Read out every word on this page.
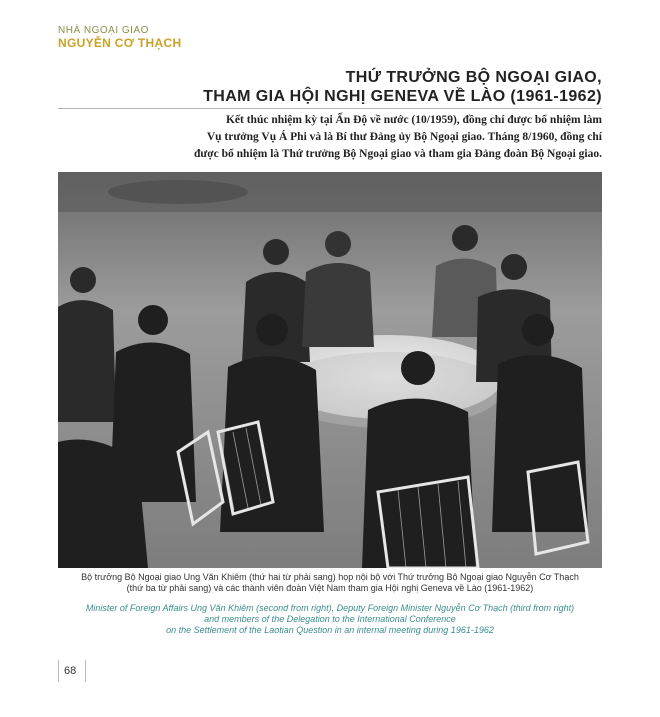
NHÀ NGOẠI GIAO
NGUYỄN CƠ THẠCH
THỨ TRƯỞNG BỘ NGOẠI GIAO,
THAM GIA HỘI NGHỊ GENEVA VỀ LÀO (1961-1962)
Kết thúc nhiệm kỳ tại Ấn Độ về nước (10/1959), đồng chí được bổ nhiệm làm
Vụ trưởng Vụ Á Phi và là Bí thư Đảng ủy Bộ Ngoại giao. Tháng 8/1960, đồng chí
được bổ nhiệm là Thứ trưởng Bộ Ngoại giao và tham gia Đảng đoàn Bộ Ngoại giao.
Bộ trưởng Bộ Ngoại giao Ung Văn Khiêm (thứ hai từ phải sang) họp nội bộ với Thứ trưởng Bộ Ngoại giao Nguyễn Cơ Thạch
(thứ ba từ phải sang) và các thành viên đoàn Việt Nam tham gia Hội nghị Geneva về Lào (1961-1962)
Minister of Foreign Affairs Ung Văn Khiêm (second from right), Deputy Foreign Minister Nguyễn Cơ Thạch (third from right)
and members of the Delegation to the International Conference
on the Settlement of the Laotian Question in an internal meeting during 1961-1962
68
